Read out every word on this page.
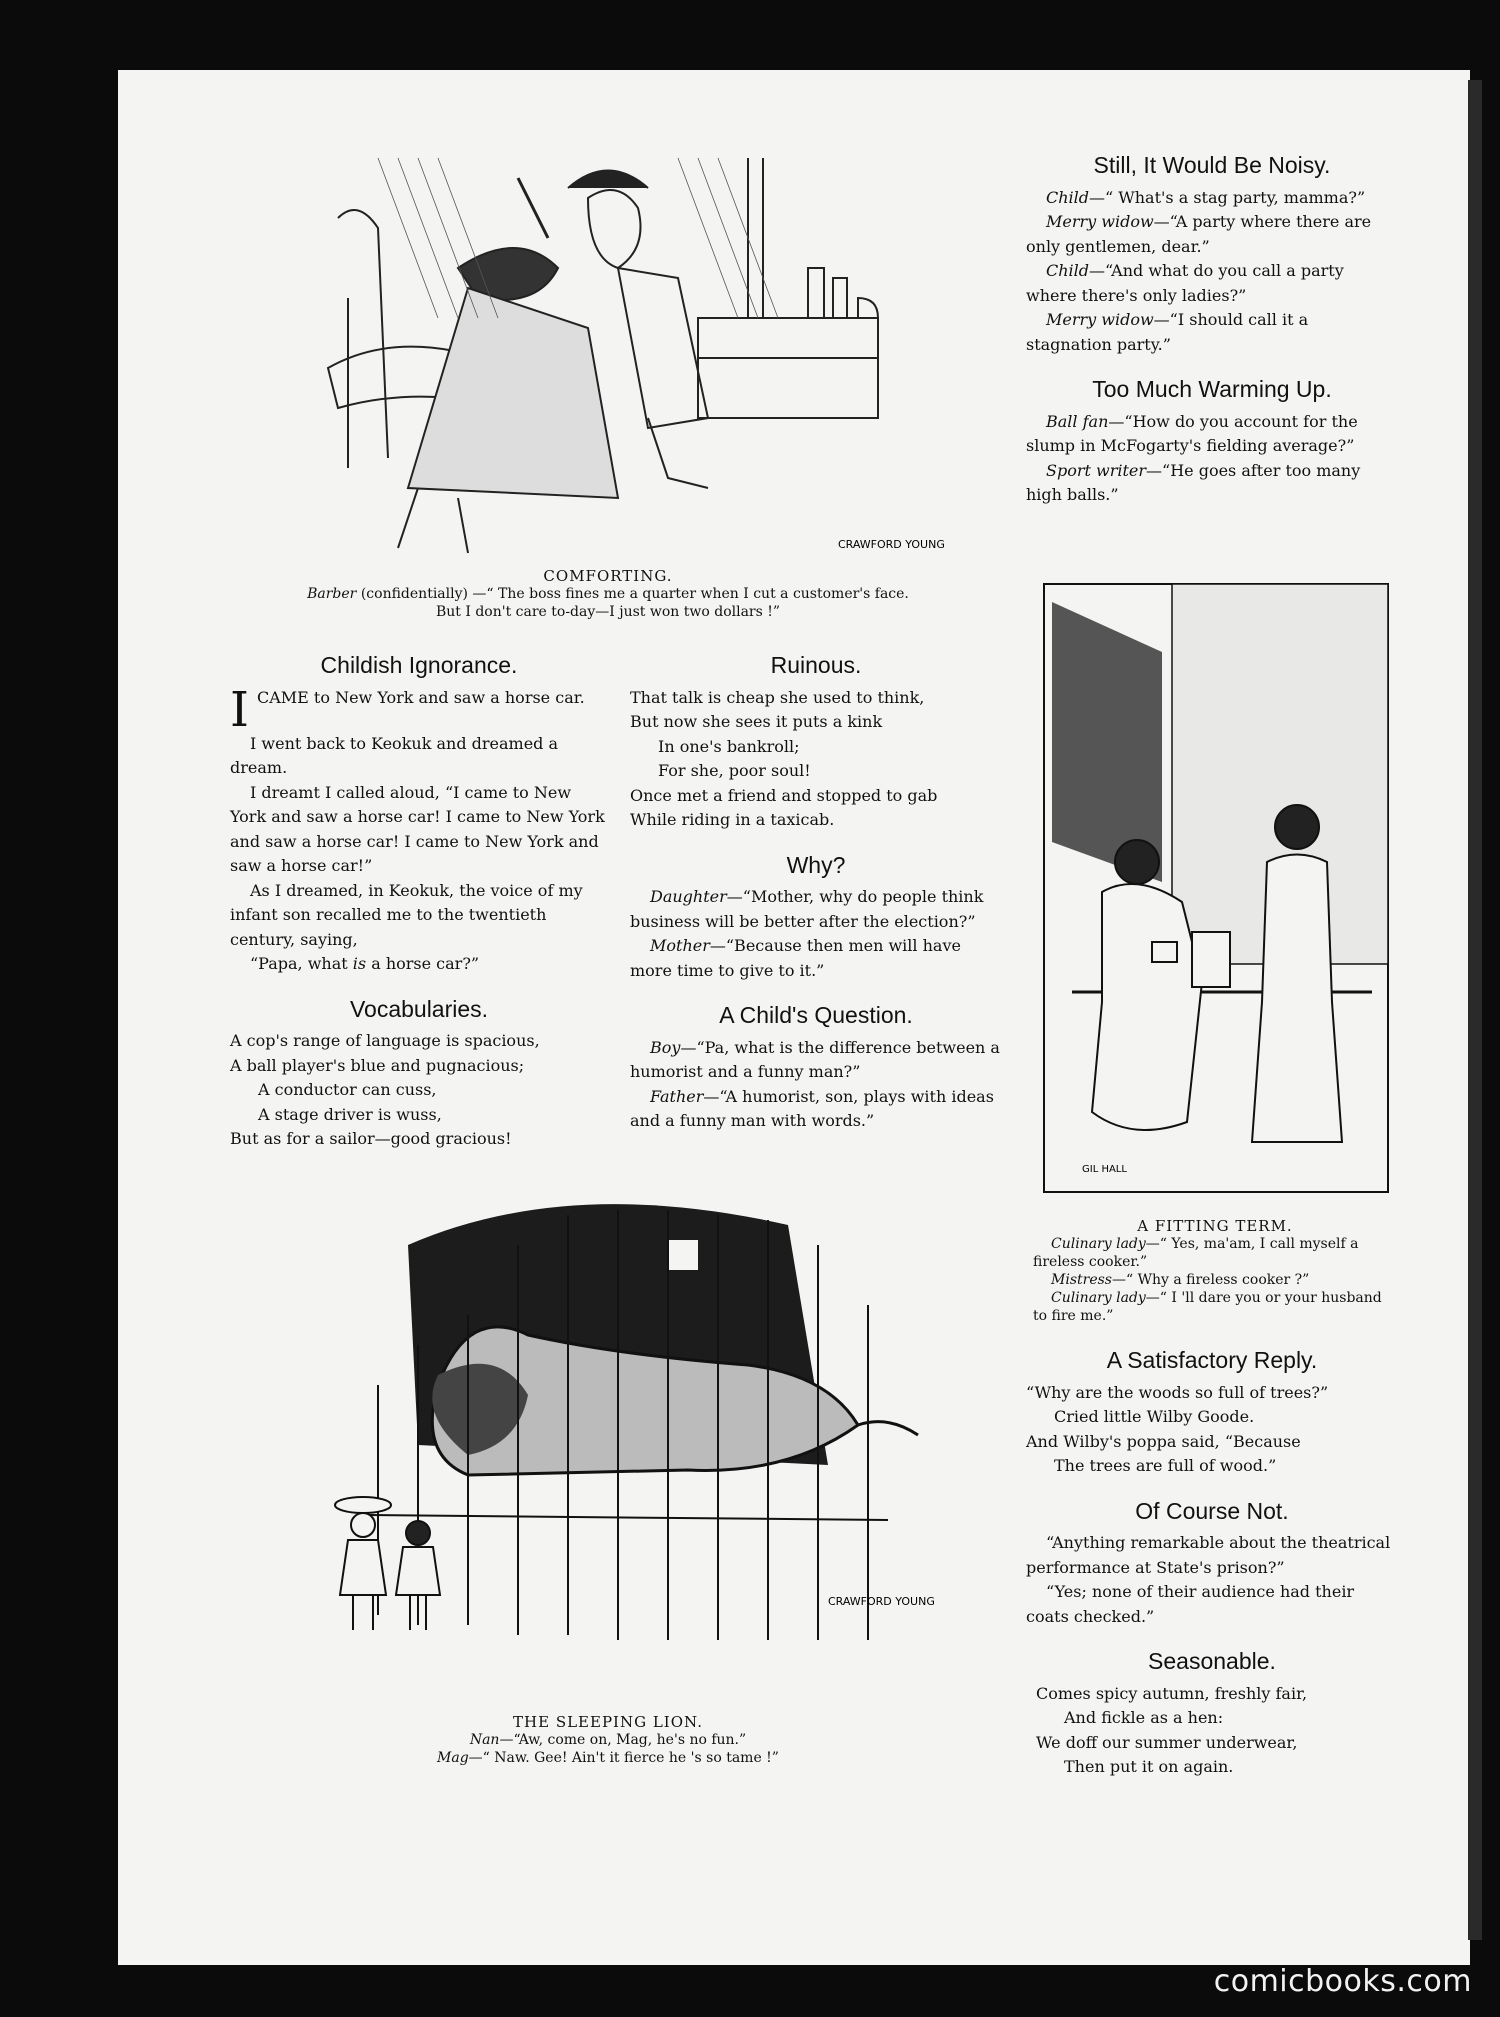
CRAWFORD YOUNG
COMFORTING.
Barber (confidentially) —“ The boss fines me a quarter when I cut a customer's face.
But I don't care to-day—I just won two dollars !”
Childish Ignorance.

ICAME to New York and saw a horse car.

I went back to Keokuk and dreamed a dream.

I dreamt I called aloud, “I came to New York and saw a horse car! I came to New York and saw a horse car! I came to New York and saw a horse car!”

As I dreamed, in Keokuk, the voice of my infant son recalled me to the twentieth century, saying,

“Papa, what is a horse car?”

Vocabularies.
A cop's range of language is spacious,
A ball player's blue and pugnacious;
A conductor can cuss,
A stage driver is wuss,
But as for a sailor—good gracious!
Ruinous.
That talk is cheap she used to think,
But now she sees it puts a kink
In one's bankroll;
For she, poor soul!
Once met a friend and stopped to gab
While riding in a taxicab.
Why?

Daughter—“Mother, why do people think business will be better after the election?”

Mother—“Because then men will have more time to give to it.”

A Child's Question.

Boy—“Pa, what is the difference between a humorist and a funny man?”

Father—“A humorist, son, plays with ideas and a funny man with words.”

CRAWFORD YOUNG
THE SLEEPING LION.
Nan—“Aw, come on, Mag, he's no fun.”
Mag—“ Naw. Gee! Ain't it fierce he 's so tame !”
Still, It Would Be Noisy.

Child—“ What's a stag party, mamma?”

Merry widow—“A party where there are only gentlemen, dear.”

Child—“And what do you call a party where there's only ladies?”

Merry widow—“I should call it a stagnation party.”

Too Much Warming Up.

Ball fan—“How do you account for the slump in McFogarty's fielding average?”

Sport writer—“He goes after too many high balls.”

GIL HALL
A FITTING TERM.
Culinary lady—“ Yes, ma'am, I call myself a fireless cooker.”
Mistress—“ Why a fireless cooker ?”
Culinary lady—“ I 'll dare you or your husband to fire me.”
A Satisfactory Reply.
“Why are the woods so full of trees?”
Cried little Wilby Goode.
And Wilby's poppa said, “Because
The trees are full of wood.”
Of Course Not.

“Anything remarkable about the theatrical performance at State's prison?”

“Yes; none of their audience had their coats checked.”

Seasonable.
Comes spicy autumn, freshly fair,
And fickle as a hen:
We doff our summer underwear,
Then put it on again.
comicbooks.com
